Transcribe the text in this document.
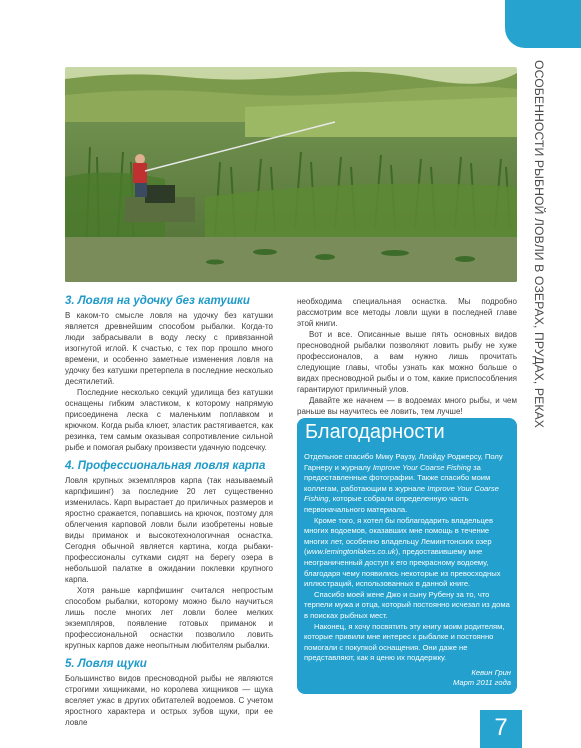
ОСОБЕННОСТИ РЫБНОЙ ЛОВЛИ В ОЗЕРАХ, ПРУДАХ, РЕКАХ
3. Ловля на удочку без катушки

В каком-то смысле ловля на удочку без катушки является древнейшим способом рыбалки. Когда-то люди забрасывали в воду леску с привязанной изогнутой иглой. К счастью, с тех пор прошло много времени, и особенно заметные изменения ловля на удочку без катушки претерпела в последние несколько десятилетий.

Последние несколько секций удилища без катушки оснащены гибким эластиком, к которому напрямую присоединена леска с маленьким поплавком и крючком. Когда рыба клюет, эластик растягивается, как резинка, тем самым оказывая сопротивление сильной рыбе и помогая рыбаку произвести удачную подсечку.

4. Профессиональная ловля карпа

Ловля крупных экземпляров карпа (так называемый карпфишинг) за последние 20 лет существенно изменилась. Карп вырастает до приличных размеров и яростно сражается, попавшись на крючок, поэтому для облегчения карповой ловли были изобретены новые виды приманок и высокотехнологичная оснастка. Сегодня обычной является картина, когда рыбаки-профессионалы сутками сидят на берегу озера в небольшой палатке в ожидании поклевки крупного карпа.

Хотя раньше карпфишинг считался непростым способом рыбалки, которому можно было научиться лишь после многих лет ловли более мелких экземпляров, появление готовых приманок и профессиональной оснастки позволило ловить крупных карпов даже неопытным любителям рыбалки.

5. Ловля щуки

Большинство видов пресноводной рыбы не являются строгими хищниками, но королева хищников — щука вселяет ужас в других обитателей водоемов. С учетом яростного характера и острых зубов щуки, при ее ловле

необходима специальная оснастка. Мы подробно рассмотрим все методы ловли щуки в последней главе этой книги.

Вот и все. Описанные выше пять основных видов пресноводной рыбалки позволяют ловить рыбу не хуже профессионалов, а вам нужно лишь прочитать следующие главы, чтобы узнать как можно больше о видах пресноводной рыбы и о том, какие приспособления гарантируют приличный улов.

Давайте же начнем — в водоемах много рыбы, и чем раньше вы научитесь ее ловить, тем лучше!

Благодарности

Отдельное спасибо Мику Раузу, Ллойду Роджерсу, Полу Гарнеру и журналу Improve Your Coarse Fishing за предоставленные фотографии. Также спасибо моим коллегам, работающим в журнале Improve Your Coarse Fishing, которые собрали определенную часть первоначального материала.

Кроме того, я хотел бы поблагодарить владельцев многих водоемов, оказавших мне помощь в течение многих лет, особенно владельцу Лемингтонских озер (www.lemingtonlakes.co.uk), предоставившему мне неограниченный доступ к его прекрасному водоему, благодаря чему появились некоторые из превосходных иллюстраций, использованных в данной книге.

Спасибо моей жене Джо и сыну Рубену за то, что терпели мужа и отца, который постоянно исчезал из дома в поисках рыбных мест.

Наконец, я хочу посвятить эту книгу моим родителям, которые привили мне интерес к рыбалке и постоянно помогали с покупкой оснащения. Они даже не представляют, как я ценю их поддержку.

Кевин Грин

Март 2011 года

7
